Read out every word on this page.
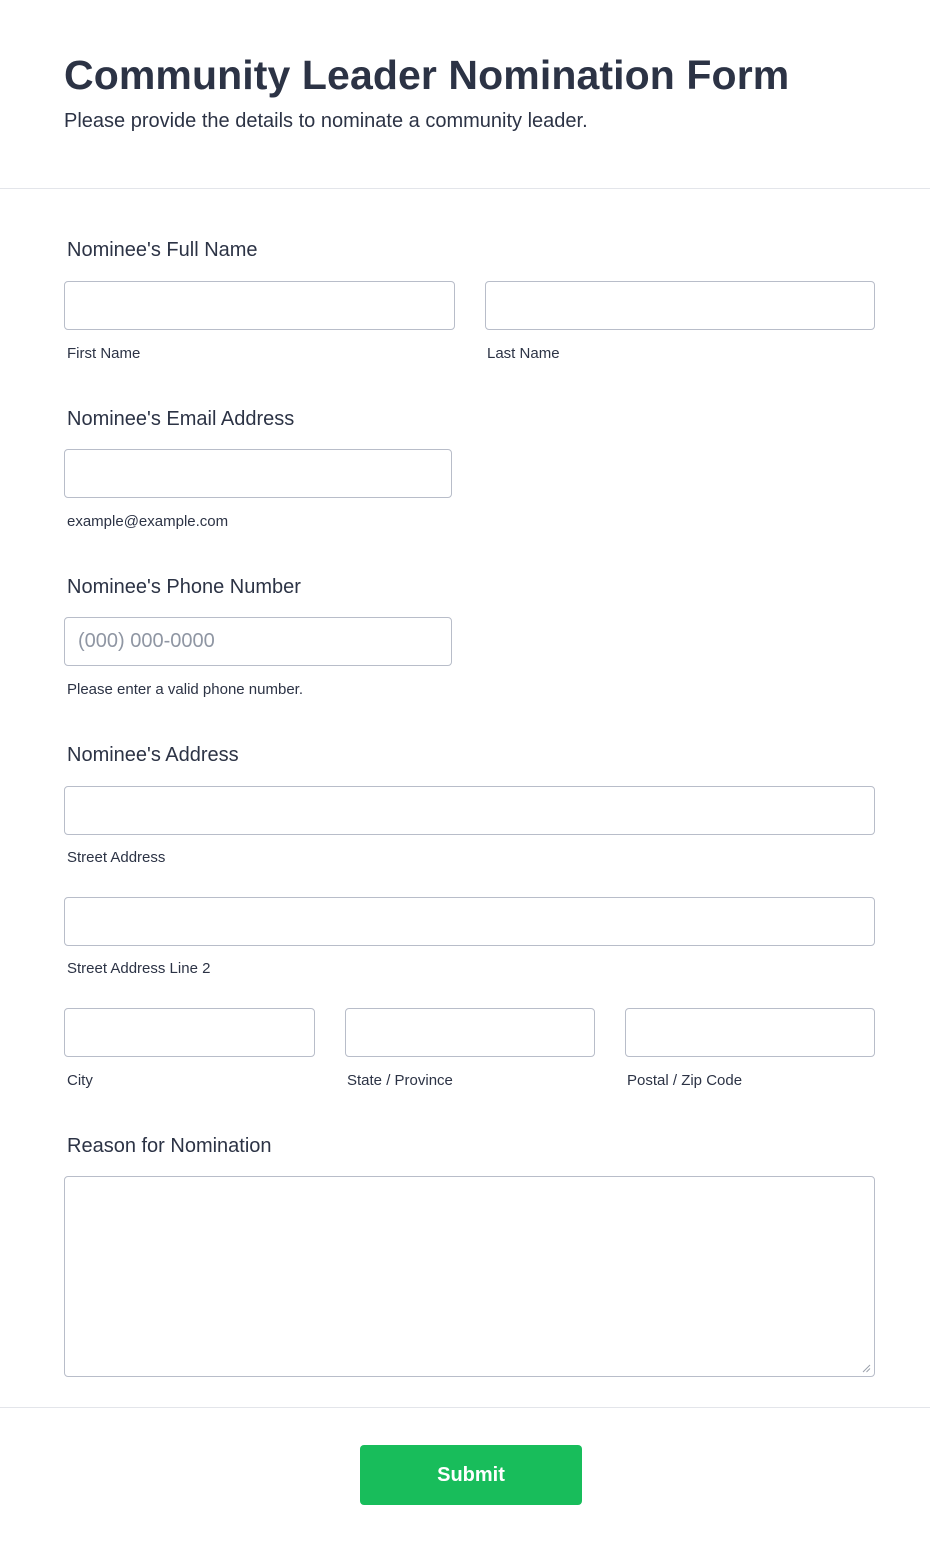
Community Leader Nomination Form

Please provide the details to nominate a community leader.

Nominee's Full Name
First Name	Last Name
Nominee's Email Address
example@example.com
Nominee's Phone Number
(000) 000-0000
Please enter a valid phone number.
Nominee's Address
Street Address
Street Address Line 2
City	State / Province	Postal / Zip Code
Reason for Nomination
Submit
